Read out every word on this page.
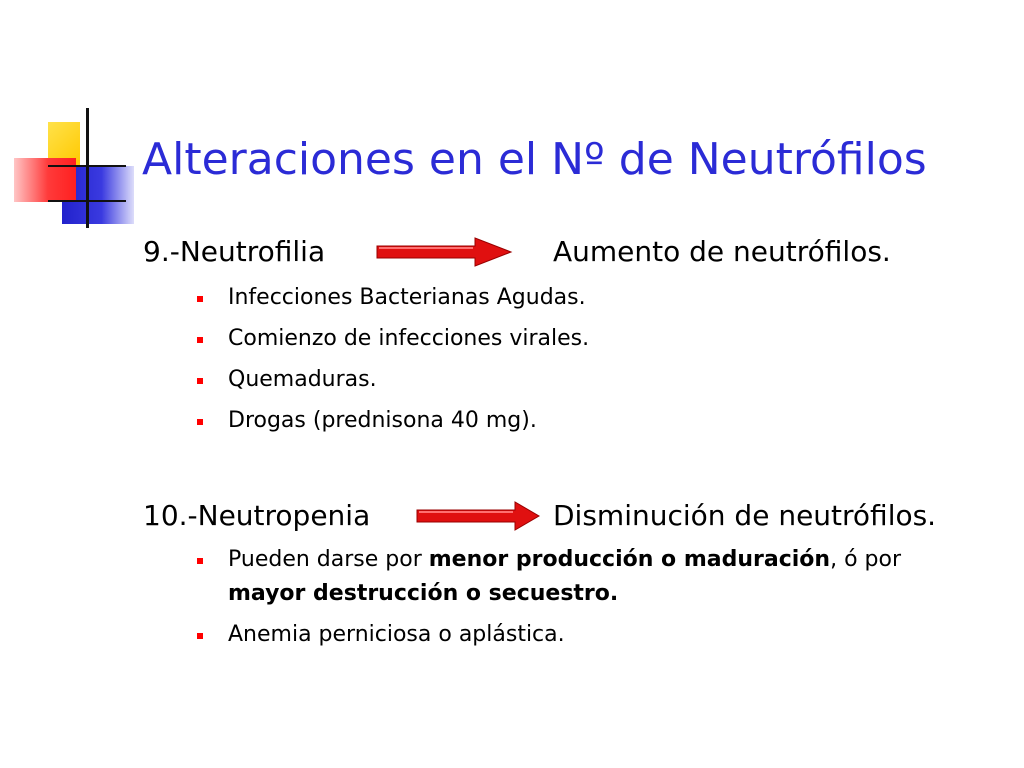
Alteraciones en el Nº de Neutrófilos
9.-Neutrofilia	Aumento de neutrófilos.
Infecciones Bacterianas Agudas.
Comienzo de infecciones virales.
Quemaduras.
Drogas (prednisona 40 mg).
10.-Neutropenia	Disminución de neutrófilos.
Pueden darse por menor producción o maduración, ó por
mayor destrucción o secuestro.
Anemia perniciosa o aplástica.
